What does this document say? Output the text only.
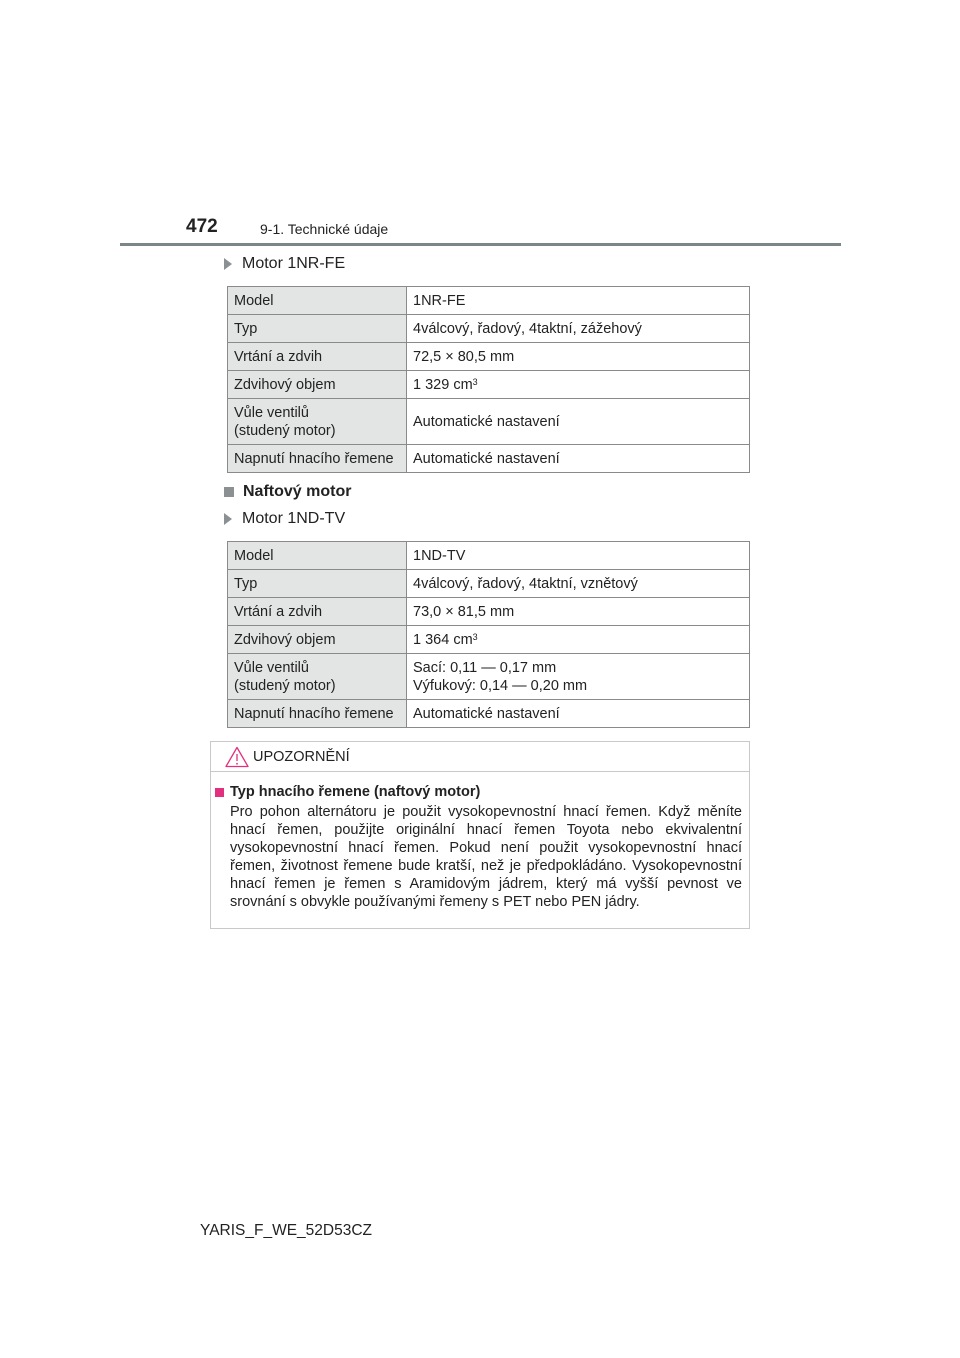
472	9-1. Technické údaje
Motor 1NR-FE
Model	1NR-FE
Typ	4válcový, řadový, 4taktní, zážehový
Vrtání a zdvih	72,5 × 80,5 mm
Zdvihový objem	1 329 $cm^3$
Vůle ventilů
(studený motor)	Automatické nastavení
Napnutí hnacího řemene	Automatické nastavení
Naftový motor
Motor 1ND-TV
Model	1ND-TV
Typ	4válcový, řadový, 4taktní, vznětový
Vrtání a zdvih	73,0 × 81,5 mm
Zdvihový objem	1 364 $cm^3$
Vůle ventilů
(studený motor)	Sací: 0,11 — 0,17 mm
Výfukový: 0,14 — 0,20 mm
Napnutí hnacího řemene	Automatické nastavení
UPOZORNĚNÍ
Typ hnacího řemene (naftový motor)
Pro pohon alternátoru je použit vysokopevnostní hnací řemen. Když měníte hnací řemen, použijte originální hnací řemen Toyota nebo ekvivalentní vysokopevnostní hnací řemen. Pokud není použit vysokopevnostní hnací řemen, životnost řemene bude kratší, než je předpokládáno. Vysokopevnostní hnací řemen je řemen s Aramidovým jádrem, který má vyšší pevnost ve srovnání s obvykle používanými řemeny s PET nebo PEN jádry.
YARIS_F_WE_52D53CZ
